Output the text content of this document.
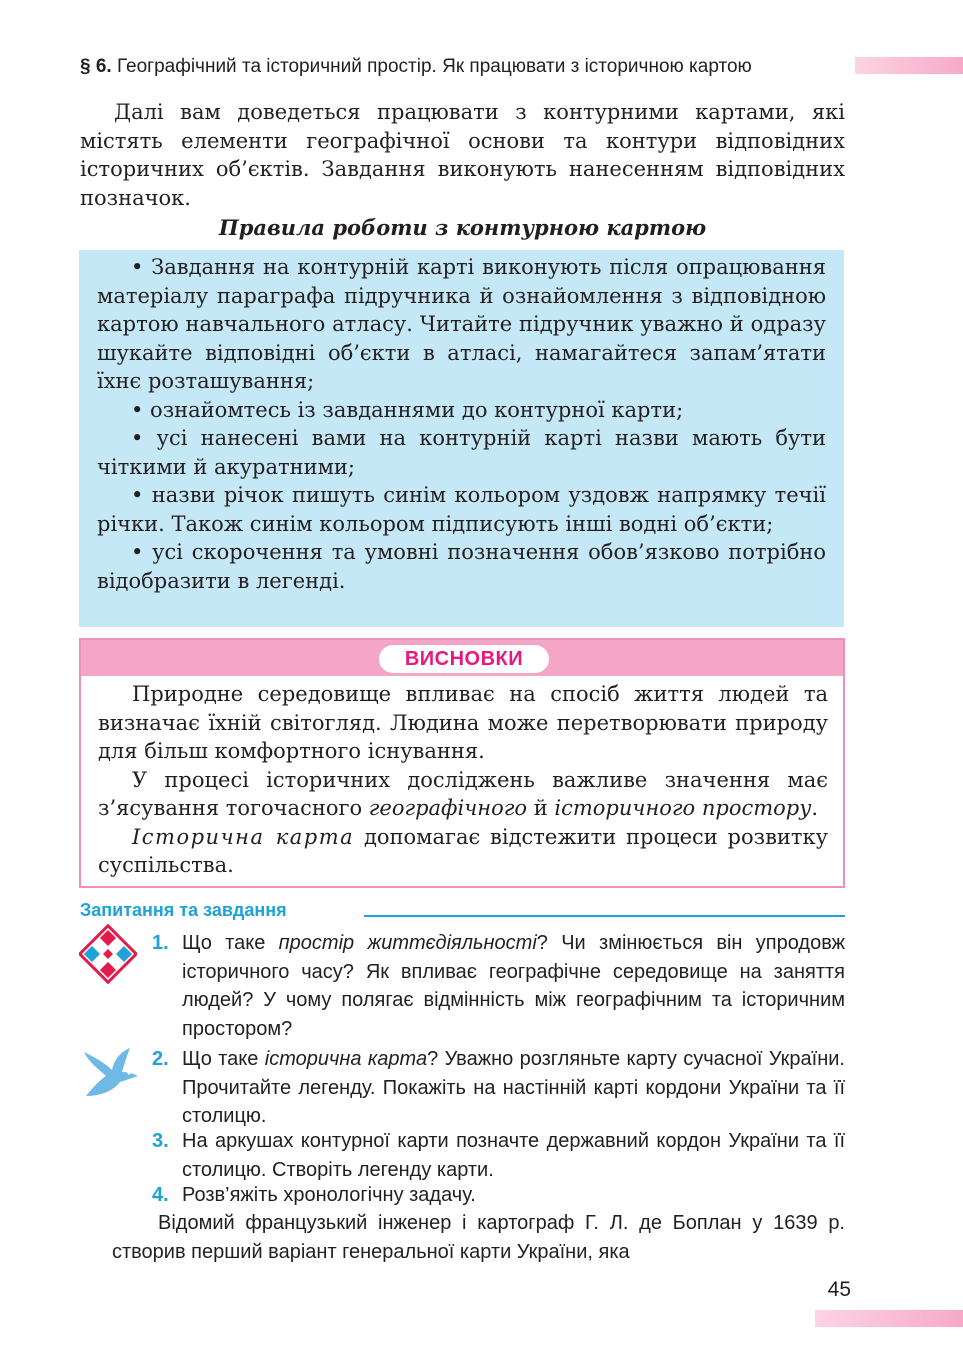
§ 6. Географічний та історичний простір. Як працювати з історичною картою

Далі вам доведеться працювати з контурними картами, які містять елементи географічної основи та контури відповідних історичних об’єктів. Завдання виконують нанесенням відповідних позначок.

Правила роботи з контурною картою

• Завдання на контурній карті виконують після опрацювання матеріалу параграфа підручника й ознайомлення з відповідною картою навчального атласу. Читайте підручник уважно й одразу шукайте відповідні об’єкти в атласі, намагайтеся запам’ятати їхнє розташування;

• ознайомтесь із завданнями до контурної карти;

• усі нанесені вами на контурній карті назви мають бути чіткими й акуратними;

• назви річок пишуть синім кольором уздовж напрямку течії річки. Також синім кольором підписують інші водні об’єкти;

• усі скорочення та умовні позначення обов’язково потрібно відобразити в легенді.

ВИСНОВКИ

Природне середовище впливає на спосіб життя людей та визначає їхній світогляд. Людина може перетворювати природу для більш комфортного існування.

У процесі історичних досліджень важливе значення має з’ясування тогочасного географічного й історичного простору.

Історична карта допомагає відстежити процеси розвитку суспільства.

Запитання та завдання
1. Що таке простір життєдіяльності? Чи змінюється він упродовж історичного часу? Як впливає географічне середовище на заняття людей? У чому полягає відмінність між географічним та історичним простором?
2. Що таке історична карта? Уважно розгляньте карту сучасної України. Прочитайте легенду. Покажіть на настінній карті кордони України та її столицю.
3. На аркушах контурної карти позначте державний кордон України та її столицю. Створіть легенду карти.
4. Розв’яжіть хронологічну задачу.

Відомий французький інженер і картограф Г. Л. де Боплан у 1639 р. створив перший варіант генеральної карти України, яка

45
